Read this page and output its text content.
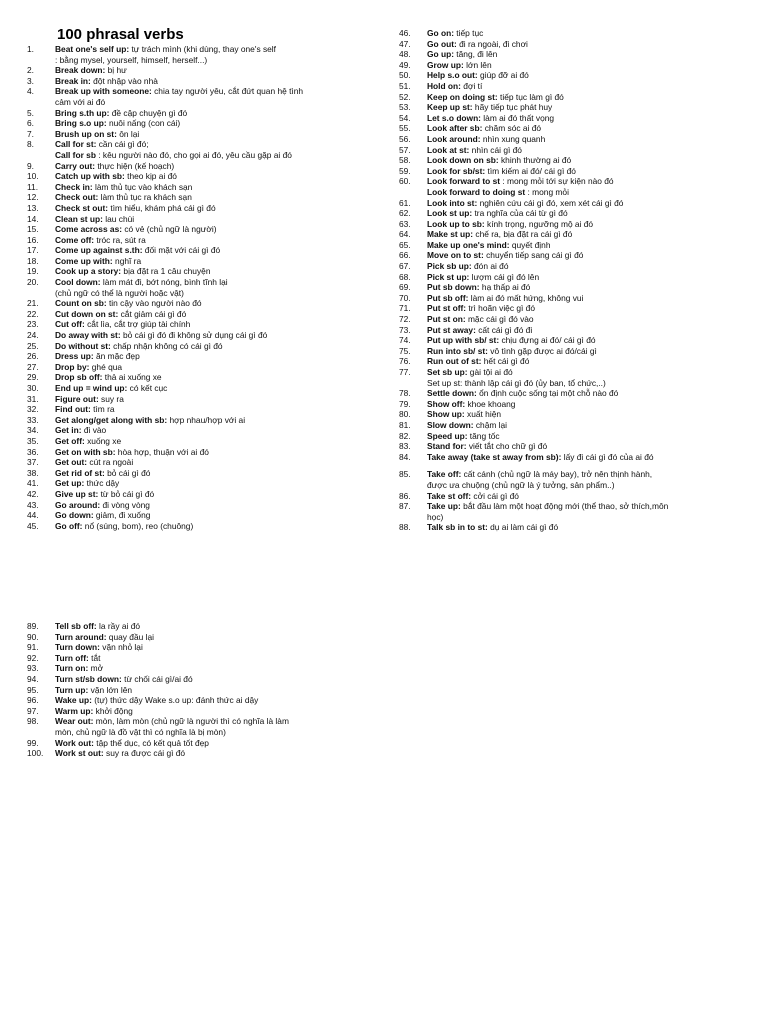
100 phrasal verbs
1.	Beat one's self up: tự trách mình (khi dùng, thay one's self
: bằng mysel, yourself, himself, herself...)
2.	Break down: bị hư
3.	Break in: đột nhập vào nhà
4.	Break up with someone: chia tay người yêu, cắt đứt quan hệ tình
cảm với ai đó
5.	Bring s.th up: đề cập chuyện gì đó
6.	Bring s.o up: nuôi nấng (con cái)
7.	Brush up on st: ôn lại
8.	Call for st: cần cái gì đó;
Call for sb : kêu người nào đó, cho gọi ai đó, yêu cầu gặp ai đó
9.	Carry out: thực hiện (kế hoạch)
10.	Catch up with sb: theo kịp ai đó
11.	Check in: làm thủ tục vào khách sạn
12.	Check out: làm thủ tục ra khách sạn
13.	Check st out: tìm hiểu, khám phá cái gì đó
14.	Clean st up: lau chùi
15.	Come across as: có vẻ (chủ ngữ là người)
16.	Come off: tróc ra, sút ra
17.	Come up against s.th: đối mặt với cái gì đó
18.	Come up with: nghĩ ra
19.	Cook up a story: bịa đặt ra 1 câu chuyện
20.	Cool down: làm mát đi, bớt nóng, bình tĩnh lại
(chủ ngữ có thể là người hoặc vật)
21.	Count on sb: tin cậy vào người nào đó
22.	Cut down on st: cắt giảm cái gì đó
23.	Cut off: cắt lìa, cắt trợ giúp tài chính
24.	Do away with st: bỏ cái gì đó đi không sử dụng cái gì đó
25.	Do without st: chấp nhận không có cái gì đó
26.	Dress up: ăn mặc đẹp
27.	Drop by: ghé qua
29.	Drop sb off: thả ai xuống xe
30.	End up = wind up: có kết cục
31.	Figure out: suy ra
32.	Find out: tìm ra
33.	Get along/get along with sb: hợp nhau/hợp với ai
34.	Get in: đi vào
35.	Get off: xuống xe
36.	Get on with sb: hòa hợp, thuận với ai đó
37.	Get out: cút ra ngoài
38.	Get rid of st: bỏ cái gì đó
41.	Get up: thức dậy
42.	Give up st: từ bỏ cái gì đó
43.	Go around: đi vòng vòng
44.	Go down: giảm, đi xuống
45.	Go off: nổ (súng, bom), reo (chuông)
46.	Go on: tiếp tục
47.	Go out: đi ra ngoài, đi chơi
48.	Go up: tăng, đi lên
49.	Grow up: lớn lên
50.	Help s.o out: giúp đỡ ai đó
51.	Hold on: đợi tí
52.	Keep on doing st: tiếp tục làm gì đó
53.	Keep up st: hãy tiếp tục phát huy
54.	Let s.o down: làm ai đó thất vọng
55.	Look after sb: chăm sóc ai đó
56.	Look around: nhìn xung quanh
57.	Look at st: nhìn cái gì đó
58.	Look down on sb: khinh thường ai đó
59.	Look for sb/st: tìm kiếm ai đó/ cái gì đó
60.	Look forward to st : mong mỏi tới sự kiện nào đó
Look forward to doing st : mong mỏi
61.	Look into st: nghiên cứu cái gì đó, xem xét cái gì đó
62.	Look st up: tra nghĩa của cái từ gì đó
63.	Look up to sb: kính trọng, ngưỡng mộ ai đó
64.	Make st up: chế ra, bịa đặt ra cái gì đó
65.	Make up one's mind: quyết định
66.	Move on to st: chuyển tiếp sang cái gì đó
67.	Pick sb up: đón ai đó
68.	Pick st up: lượm cái gì đó lên
69.	Put sb down: hạ thấp ai đó
70.	Put sb off: làm ai đó mất hứng, không vui
71.	Put st off: trì hoãn việc gì đó
72.	Put st on: mặc cái gì đó vào
73.	Put st away: cất cái gì đó đi
74.	Put up with sb/ st: chịu đựng ai đó/ cái gì đó
75.	Run into sb/ st: vô tình gặp được ai đó/cái gì
76.	Run out of st: hết cái gì đó
77.	Set sb up: gài tội ai đó
Set up st: thành lập cái gì đó (ủy ban, tổ chức,..)
78.	Settle down: ổn định cuộc sống tại một chỗ nào đó
79.	Show off: khoe khoang
80.	Show up: xuất hiện
81.	Slow down: chậm lại
82.	Speed up: tăng tốc
83.	Stand for: viết tắt cho chữ gì đó
84.	Take away (take st away from sb): lấy đi cái gì đó của ai đó
85.	Take off: cất cánh (chủ ngữ là máy bay), trở nên thịnh hành,
được ưa chuộng (chủ ngữ là ý tưởng, sản phẩm..)
86.	Take st off: cởi cái gì đó
87.	Take up: bắt đầu làm một hoạt động mới (thể thao, sở thích,môn
học)
88.	Talk sb in to st: dụ ai làm cái gì đó
89.	Tell sb off: la rầy ai đó
90.	Turn around: quay đầu lại
91.	Turn down: vặn nhỏ lại
92.	Turn off: tắt
93.	Turn on: mở
94.	Turn st/sb down: từ chối cái gì/ai đó
95.	Turn up: vặn lớn lên
96.	Wake up: (tự) thức dậy Wake s.o up: đánh thức ai dậy
97.	Warm up: khởi động
98.	Wear out: mòn, làm mòn (chủ ngữ là người thì có nghĩa là làm
mòn, chủ ngữ là đồ vật thì có nghĩa là bị mòn)
99.	Work out: tập thể dục, có kết quả tốt đẹp
100.	Work st out: suy ra được cái gì đó
